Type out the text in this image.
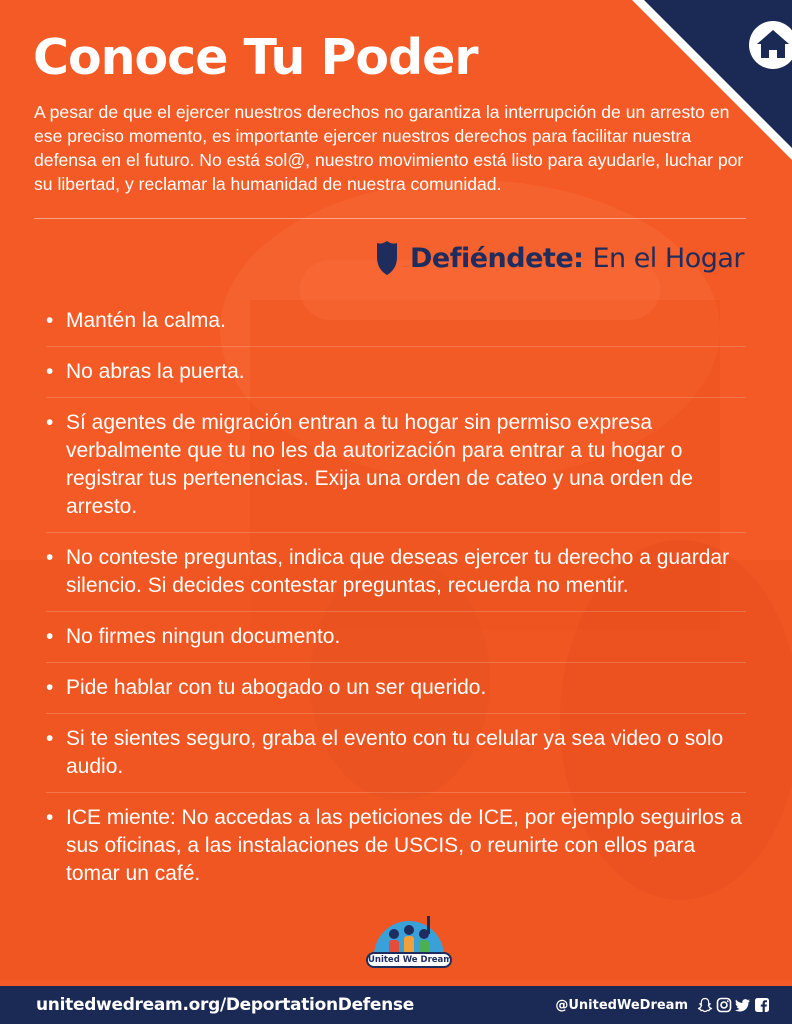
Conoce Tu Poder

A pesar de que el ejercer nuestros derechos no garantiza la interrupción de un arresto en ese preciso momento, es importante ejercer nuestros derechos para facilitar nuestra defensa en el futuro. No está sol@, nuestro movimiento está listo para ayudarle, luchar por su libertad, y reclamar la humanidad de nuestra comunidad.

Defiéndete: En el Hogar
• Mantén la calma.
• No abras la puerta.
• Sí agentes de migración entran a tu hogar sin permiso expresa verbalmente que tu no les da autorización para entrar a tu hogar o registrar tus pertenencias. Exija una orden de cateo y una orden de arresto.
• No conteste preguntas, indica que deseas ejercer tu derecho a guardar silencio. Si decides contestar preguntas, recuerda no mentir.
• No firmes ningun documento.
• Pide hablar con tu abogado o un ser querido.
• Si te sientes seguro, graba el evento con tu celular ya sea video o solo audio.
• ICE miente: No accedas a las peticiones de ICE, por ejemplo seguirlos a sus oficinas, a las instalaciones de USCIS, o reunirte con ellos para tomar un café.
United We Dream
unitedwedream.org/DeportationDefense	@UnitedWeDream
